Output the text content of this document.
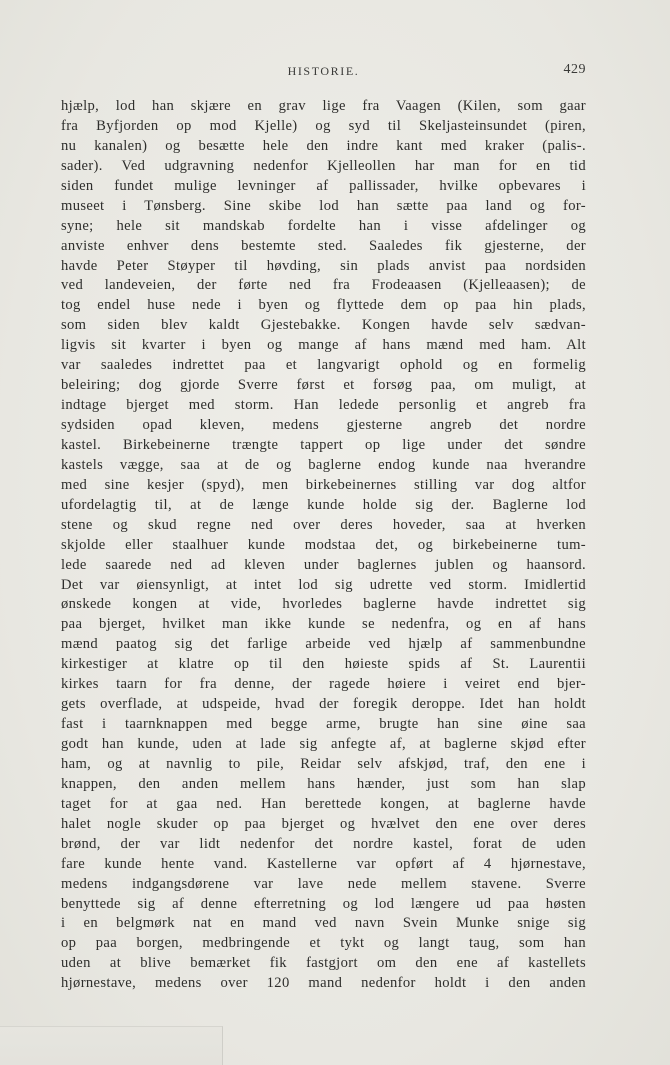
HISTORIE.	429
hjælp, lod han skjære en grav lige fra Vaagen (Kilen, som gaar
fra Byfjorden op mod Kjelle) og syd til Skeljasteinsundet (piren,
nu kanalen) og besætte hele den indre kant med kraker (palis-.
sader). Ved udgravning nedenfor Kjelleollen har man for en tid
siden fundet mulige levninger af pallissader, hvilke opbevares i
museet i Tønsberg. Sine skibe lod han sætte paa land og for-
syne; hele sit mandskab fordelte han i visse afdelinger og
anviste enhver dens bestemte sted. Saaledes fik gjesterne, der
havde Peter Støyper til høvding, sin plads anvist paa nordsiden
ved landeveien, der førte ned fra Frodeaasen (Kjelleaasen); de
tog endel huse nede i byen og flyttede dem op paa hin plads,
som siden blev kaldt Gjestebakke. Kongen havde selv sædvan-
ligvis sit kvarter i byen og mange af hans mænd med ham. Alt
var saaledes indrettet paa et langvarigt ophold og en formelig
beleiring; dog gjorde Sverre først et forsøg paa, om muligt, at
indtage bjerget med storm. Han ledede personlig et angreb fra
sydsiden opad kleven, medens gjesterne angreb det nordre
kastel. Birkebeinerne trængte tappert op lige under det søndre
kastels vægge, saa at de og baglerne endog kunde naa hverandre
med sine kesjer (spyd), men birkebeinernes stilling var dog altfor
ufordelagtig til, at de længe kunde holde sig der. Baglerne lod
stene og skud regne ned over deres hoveder, saa at hverken
skjolde eller staalhuer kunde modstaa det, og birkebeinerne tum-
lede saarede ned ad kleven under baglernes jublen og haansord.
Det var øiensynligt, at intet lod sig udrette ved storm. Imidlertid
ønskede kongen at vide, hvorledes baglerne havde indrettet sig
paa bjerget, hvilket man ikke kunde se nedenfra, og en af hans
mænd paatog sig det farlige arbeide ved hjælp af sammenbundne
kirkestiger at klatre op til den høieste spids af St. Laurentii
kirkes taarn for fra denne, der ragede høiere i veiret end bjer-
gets overflade, at udspeide, hvad der foregik deroppe. Idet han holdt
fast i taarnknappen med begge arme, brugte han sine øine saa
godt han kunde, uden at lade sig anfegte af, at baglerne skjød efter
ham, og at navnlig to pile, Reidar selv afskjød, traf, den ene i
knappen, den anden mellem hans hænder, just som han slap
taget for at gaa ned. Han berettede kongen, at baglerne havde
halet nogle skuder op paa bjerget og hvælvet den ene over deres
brønd, der var lidt nedenfor det nordre kastel, forat de uden
fare kunde hente vand. Kastellerne var opført af 4 hjørnestave,
medens indgangsdørene var lave nede mellem stavene. Sverre
benyttede sig af denne efterretning og lod længere ud paa høsten
i en belgmørk nat en mand ved navn Svein Munke snige sig
op paa borgen, medbringende et tykt og langt taug, som han
uden at blive bemærket fik fastgjort om den ene af kastellets
hjørnestave, medens over 120 mand nedenfor holdt i den anden
